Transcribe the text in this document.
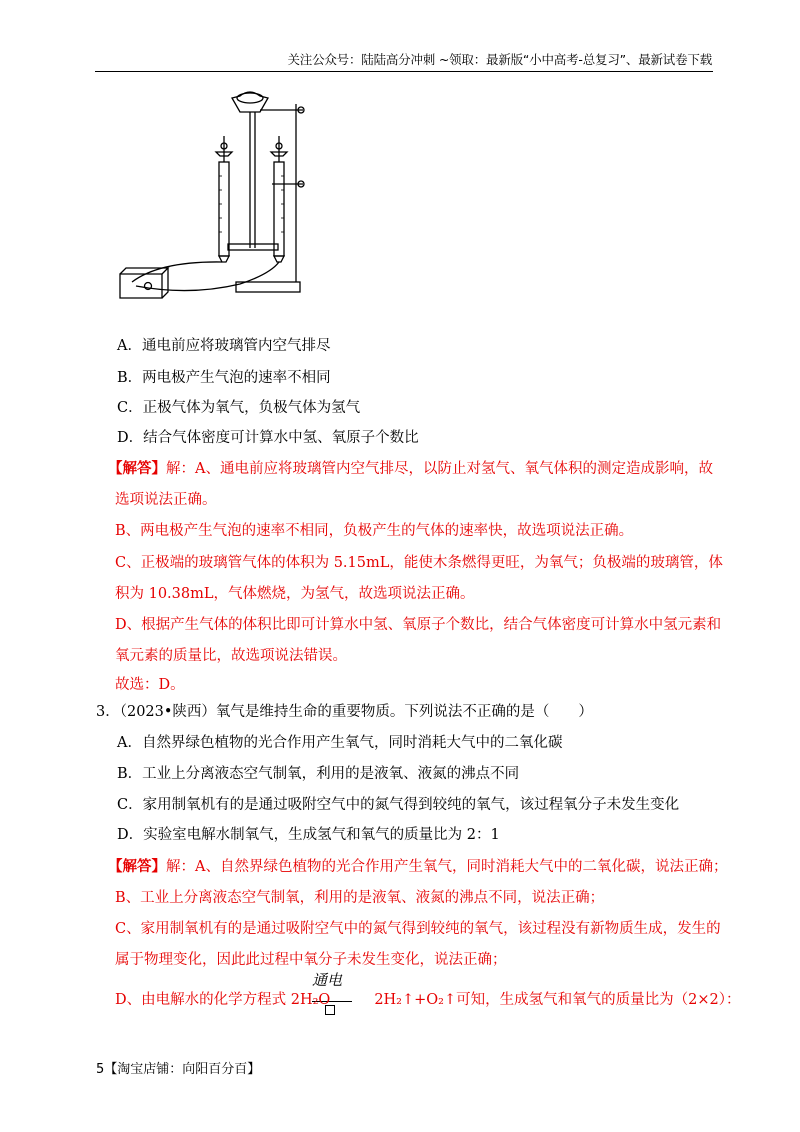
关注公众号：陆陆高分冲刺 ~领取：最新版“小中高考-总复习”、最新试卷下载
A．通电前应将玻璃管内空气排尽
B．两电极产生气泡的速率不相同
C．正极气体为氧气，负极气体为氢气
D．结合气体密度可计算水中氢、氧原子个数比
【解答】解：A、通电前应将玻璃管内空气排尽，以防止对氢气、氧气体积的测定造成影响，故
选项说法正确。
B、两电极产生气泡的速率不相同，负极产生的气体的速率快，故选项说法正确。
C、正极端的玻璃管气体的体积为 5.15mL，能使木条燃得更旺，为氧气；负极端的玻璃管，体
积为 10.38mL，气体燃烧，为氢气，故选项说法正确。
D、根据产生气体的体积比即可计算水中氢、氧原子个数比，结合气体密度可计算水中氢元素和
氧元素的质量比，故选项说法错误。
故选：D。
3．（2023•陕西）氧气是维持生命的重要物质。下列说法不正确的是（　　）
A．自然界绿色植物的光合作用产生氧气，同时消耗大气中的二氧化碳
B．工业上分离液态空气制氧，利用的是液氧、液氮的沸点不同
C．家用制氧机有的是通过吸附空气中的氮气得到较纯的氧气，该过程氧分子未发生变化
D．实验室电解水制氧气，生成氢气和氧气的质量比为 2：1
【解答】解：A、自然界绿色植物的光合作用产生氧气，同时消耗大气中的二氧化碳，说法正确；
B、工业上分离液态空气制氧，利用的是液氧、液氮的沸点不同，说法正确；
C、家用制氧机有的是通过吸附空气中的氮气得到较纯的氧气，该过程没有新物质生成，发生的
属于物理变化，因此此过程中氧分子未发生变化，说法正确；
通电
D、由电解水的化学方程式 2H₂O	2H₂↑+O₂↑可知，生成氢气和氧气的质量比为（2×2）：
5【淘宝店铺：向阳百分百】
